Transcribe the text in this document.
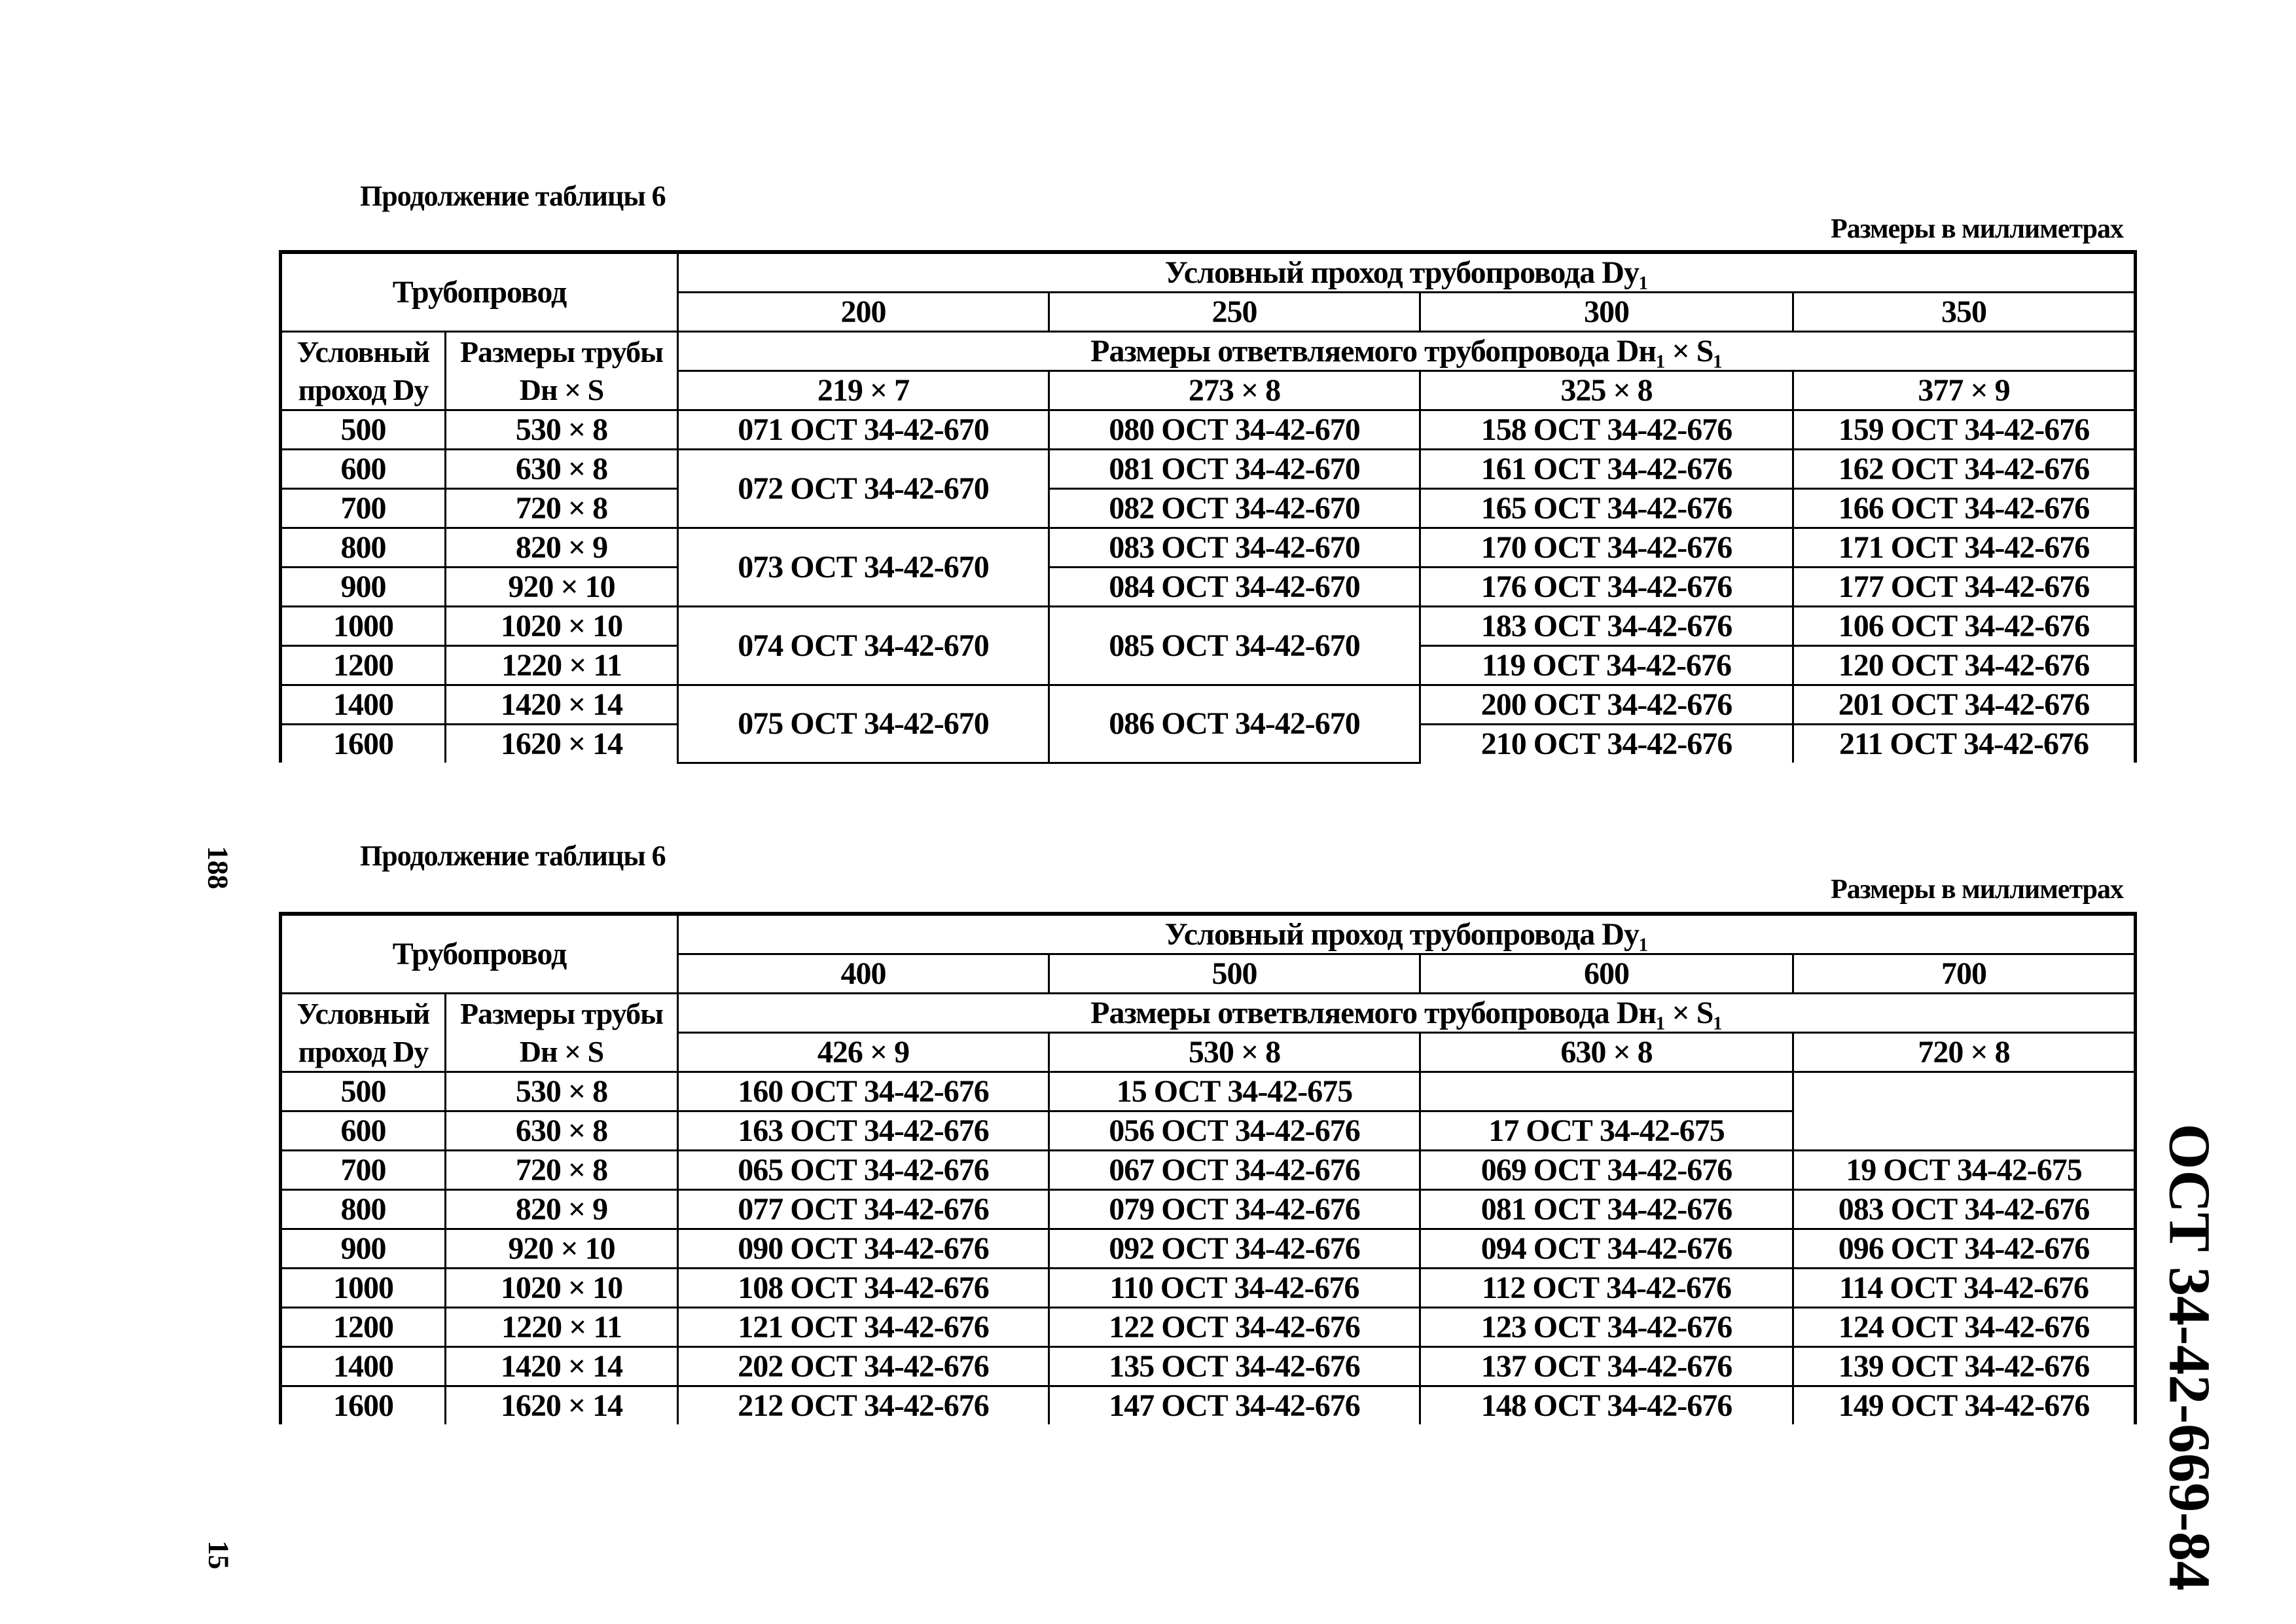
Продолжение таблицы 6
Размеры в миллиметрах
Трубопровод		Условный проход трубопровода Dy₁			
		200	250	300	350
Условный проход Dy	Размеры трубы Dн × S	Размеры ответвляемого трубопровода Dн₁ × S₁			
		219 × 7	273 × 8	325 × 8	377 × 9
500	530 × 8	071 ОСТ 34-42-670	080 ОСТ 34-42-670	158 ОСТ 34-42-676	159 ОСТ 34-42-676
600	630 × 8	072 ОСТ 34-42-670	081 ОСТ 34-42-670	161 ОСТ 34-42-676	162 ОСТ 34-42-676
700	720 × 8		082 ОСТ 34-42-670	165 ОСТ 34-42-676	166 ОСТ 34-42-676
800	820 × 9	073 ОСТ 34-42-670	083 ОСТ 34-42-670	170 ОСТ 34-42-676	171 ОСТ 34-42-676
900	920 × 10		084 ОСТ 34-42-670	176 ОСТ 34-42-676	177 ОСТ 34-42-676
1000	1020 × 10	074 ОСТ 34-42-670	085 ОСТ 34-42-670	183 ОСТ 34-42-676	106 ОСТ 34-42-676
1200	1220 × 11			119 ОСТ 34-42-676	120 ОСТ 34-42-676
1400	1420 × 14	075 ОСТ 34-42-670	086 ОСТ 34-42-670	200 ОСТ 34-42-676	201 ОСТ 34-42-676
1600	1620 × 14			210 ОСТ 34-42-676	211 ОСТ 34-42-676
Продолжение таблицы 6
Размеры в миллиметрах
Трубопровод		Условный проход трубопровода Dy₁			
		400	500	600	700
Условный проход Dy	Размеры трубы Dн × S	Размеры ответвляемого трубопровода Dн₁ × S₁			
		426 × 9	530 × 8	630 × 8	720 × 8
500	530 × 8	160 ОСТ 34-42-676	15 ОСТ 34-42-675		
600	630 × 8	163 ОСТ 34-42-676	056 ОСТ 34-42-676	17 ОСТ 34-42-675	
700	720 × 8	065 ОСТ 34-42-676	067 ОСТ 34-42-676	069 ОСТ 34-42-676	19 ОСТ 34-42-675
800	820 × 9	077 ОСТ 34-42-676	079 ОСТ 34-42-676	081 ОСТ 34-42-676	083 ОСТ 34-42-676
900	920 × 10	090 ОСТ 34-42-676	092 ОСТ 34-42-676	094 ОСТ 34-42-676	096 ОСТ 34-42-676
1000	1020 × 10	108 ОСТ 34-42-676	110 ОСТ 34-42-676	112 ОСТ 34-42-676	114 ОСТ 34-42-676
1200	1220 × 11	121 ОСТ 34-42-676	122 ОСТ 34-42-676	123 ОСТ 34-42-676	124 ОСТ 34-42-676
1400	1420 × 14	202 ОСТ 34-42-676	135 ОСТ 34-42-676	137 ОСТ 34-42-676	139 ОСТ 34-42-676
1600	1620 × 14	212 ОСТ 34-42-676	147 ОСТ 34-42-676	148 ОСТ 34-42-676	149 ОСТ 34-42-676
188
15	ОСТ 34-42-669-84
